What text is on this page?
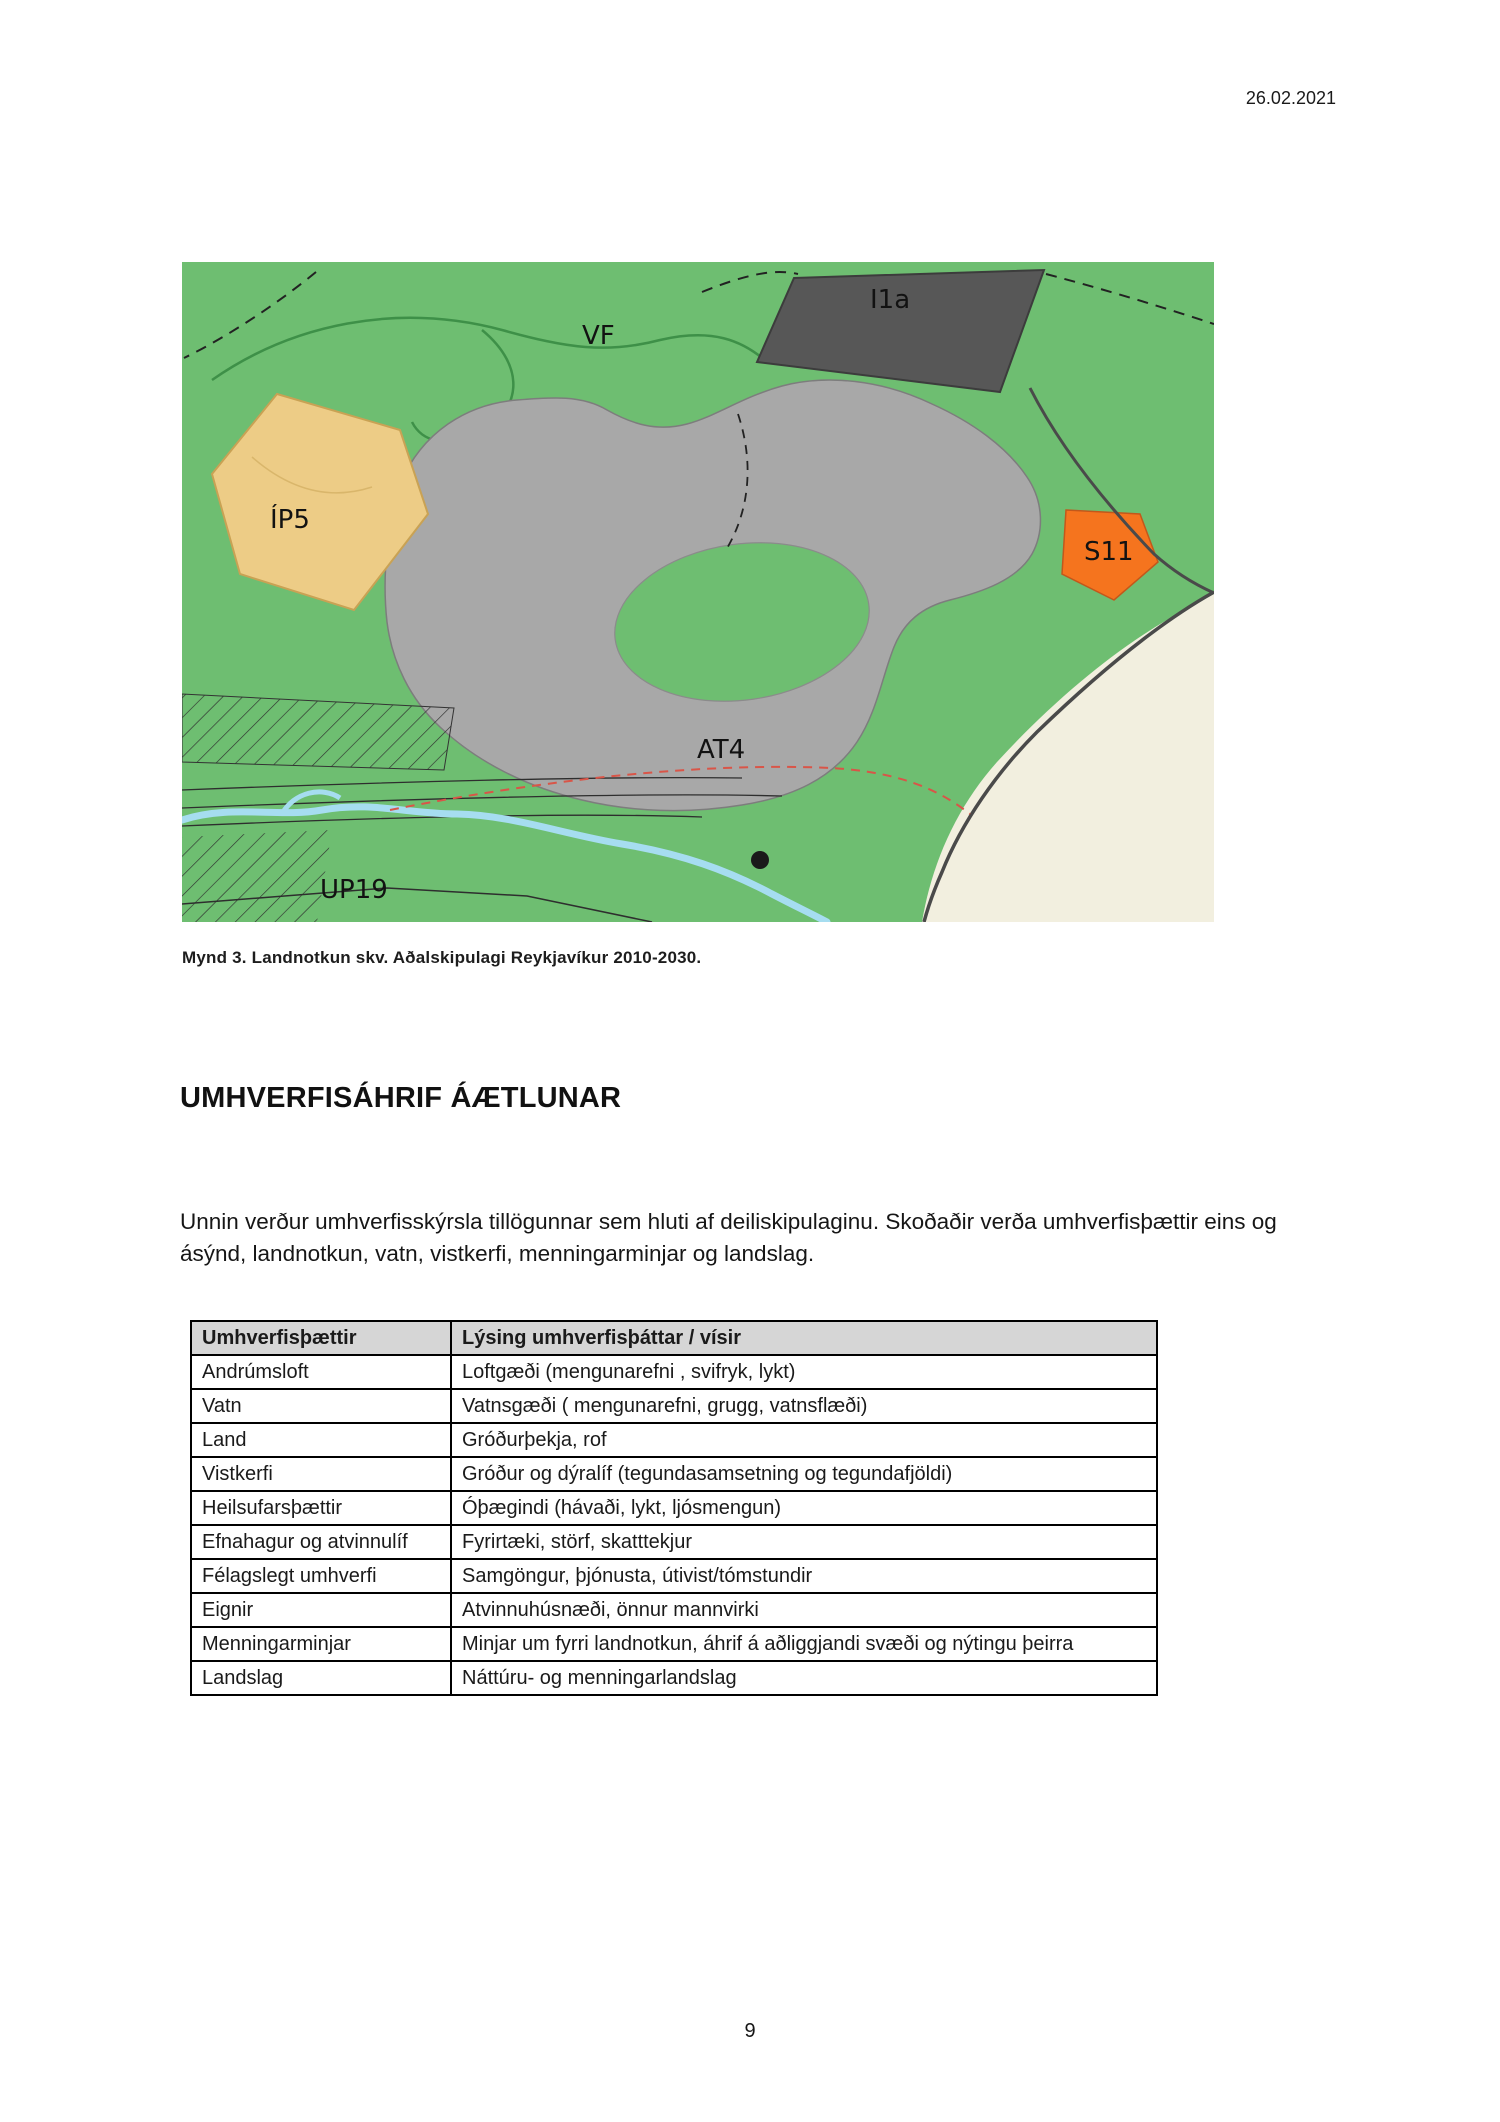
26.02.2021
VF
I1a
ÍP5
S11
AT4
UP19
Mynd 3. Landnotkun skv. Aðalskipulagi Reykjavíkur 2010-2030.
UMHVERFISÁHRIF ÁÆTLUNAR

Unnin verður umhverfisskýrsla tillögunnar sem hluti af deiliskipulaginu. Skoðaðir verða umhverfisþættir eins og ásýnd, landnotkun, vatn, vistkerfi, menningarminjar og landslag.

Umhverfisþættir	Lýsing umhverfisþáttar / vísir
Andrúmsloft	Loftgæði (mengunarefni , svifryk, lykt)
Vatn	Vatnsgæði ( mengunarefni, grugg, vatnsflæði)
Land	Gróðurþekja, rof
Vistkerfi	Gróður og dýralíf (tegundasamsetning og tegundafjöldi)
Heilsufarsþættir	Óþægindi (hávaði, lykt, ljósmengun)
Efnahagur og atvinnulíf	Fyrirtæki, störf, skatttekjur
Félagslegt umhverfi	Samgöngur, þjónusta, útivist/tómstundir
Eignir	Atvinnuhúsnæði, önnur mannvirki
Menningarminjar	Minjar um fyrri landnotkun, áhrif á aðliggjandi svæði og nýtingu þeirra
Landslag	Náttúru- og menningarlandslag
9
